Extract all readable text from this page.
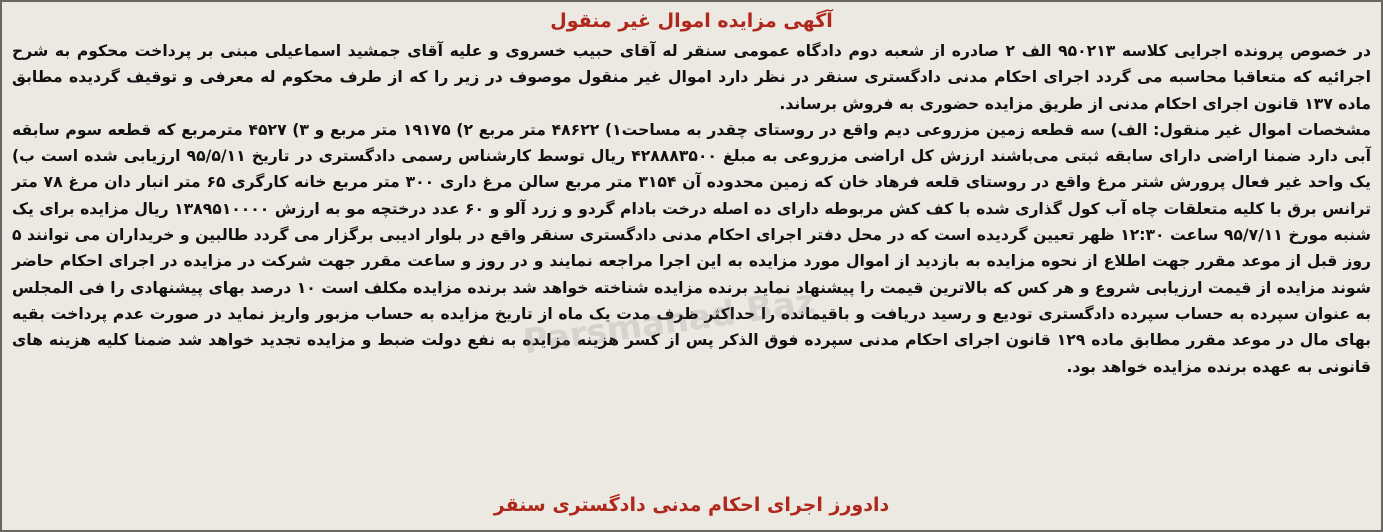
آگهی مزایده اموال غیر منقول

در خصوص پرونده اجرایی کلاسه ۹۵۰۲۱۳ الف ۲ صادره از شعبه دوم دادگاه عمومی سنقر له آقای حبیب خسروی و علیه آقای جمشید اسماعیلی مبنی بر پرداخت محکوم به شرح اجرائیه که متعاقبا محاسبه می گردد اجرای احکام مدنی دادگستری سنقر در نظر دارد اموال غیر منقول موصوف در زیر را که از طرف محکوم له معرفی و توقیف گردیده مطابق ماده ۱۳۷ قانون اجرای احکام مدنی از طریق مزایده حضوری به فروش برساند.

مشخصات اموال غیر منقول: الف) سه قطعه زمین مزروعی دیم واقع در روستای چقدر به مساحت۱) ۴۸۶۲۲ متر مربع ۲) ۱۹۱۷۵ متر مربع و ۳) ۴۵۲۷ مترمربع که قطعه سوم سابقه آبی دارد ضمنا اراضی دارای سابقه ثبتی می‌باشند ارزش کل اراضی مزروعی به مبلغ ۴۲۸۸۸۳۵۰۰ ریال توسط کارشناس رسمی دادگستری در تاریخ ۹۵/۵/۱۱ ارزیابی شده است ب) یک واحد غیر فعال پرورش شتر مرغ واقع در روستای قلعه فرهاد خان که زمین محدوده آن ۳۱۵۴ متر مربع سالن مرغ داری ۳۰۰ متر مربع خانه کارگری ۶۵ متر انبار دان مرغ ۷۸ متر ترانس برق با کلیه متعلقات چاه آب کول گذاری شده با کف کش مربوطه دارای ده اصله درخت بادام گردو و زرد آلو و ۶۰ عدد درختچه مو به ارزش ۱۳۸۹۵۱۰۰۰۰ ریال مزایده برای یک شنبه مورخ ۹۵/۷/۱۱ ساعت ۱۲:۳۰ ظهر تعیین گردیده است که در محل دفتر اجرای احکام مدنی دادگستری سنقر واقع در بلوار ادیبی برگزار می گردد طالبین و خریداران می توانند ۵ روز قبل از موعد مقرر جهت اطلاع از نحوه مزایده به بازدید از اموال مورد مزایده به این اجرا مراجعه نمایند و در روز و ساعت مقرر جهت شرکت در مزایده در اجرای احکام حاضر شوند مزایده از قیمت ارزیابی شروع و هر کس که بالاترین قیمت را پیشنهاد نماید برنده مزایده شناخته خواهد شد برنده مزایده مکلف است ۱۰ درصد بهای پیشنهادی را فی المجلس به عنوان سپرده به حساب سپرده دادگستری تودیع و رسید دریافت و باقیمانده را حداکثر ظرف مدت یک ماه از تاریخ مزایده به حساب مزبور واریز نماید در صورت عدم پرداخت بقیه بهای مال در موعد مقرر مطابق ماده ۱۲۹ قانون اجرای احکام مدنی سپرده فوق الذکر پس از کسر هزینه مزایده به نفع دولت ضبط و مزایده تجدید خواهد شد ضمنا کلیه هزینه های قانونی به عهده برنده مزایده خواهد بود.

Parsmanad Baz
دادورز اجرای احکام مدنی دادگستری سنقر
